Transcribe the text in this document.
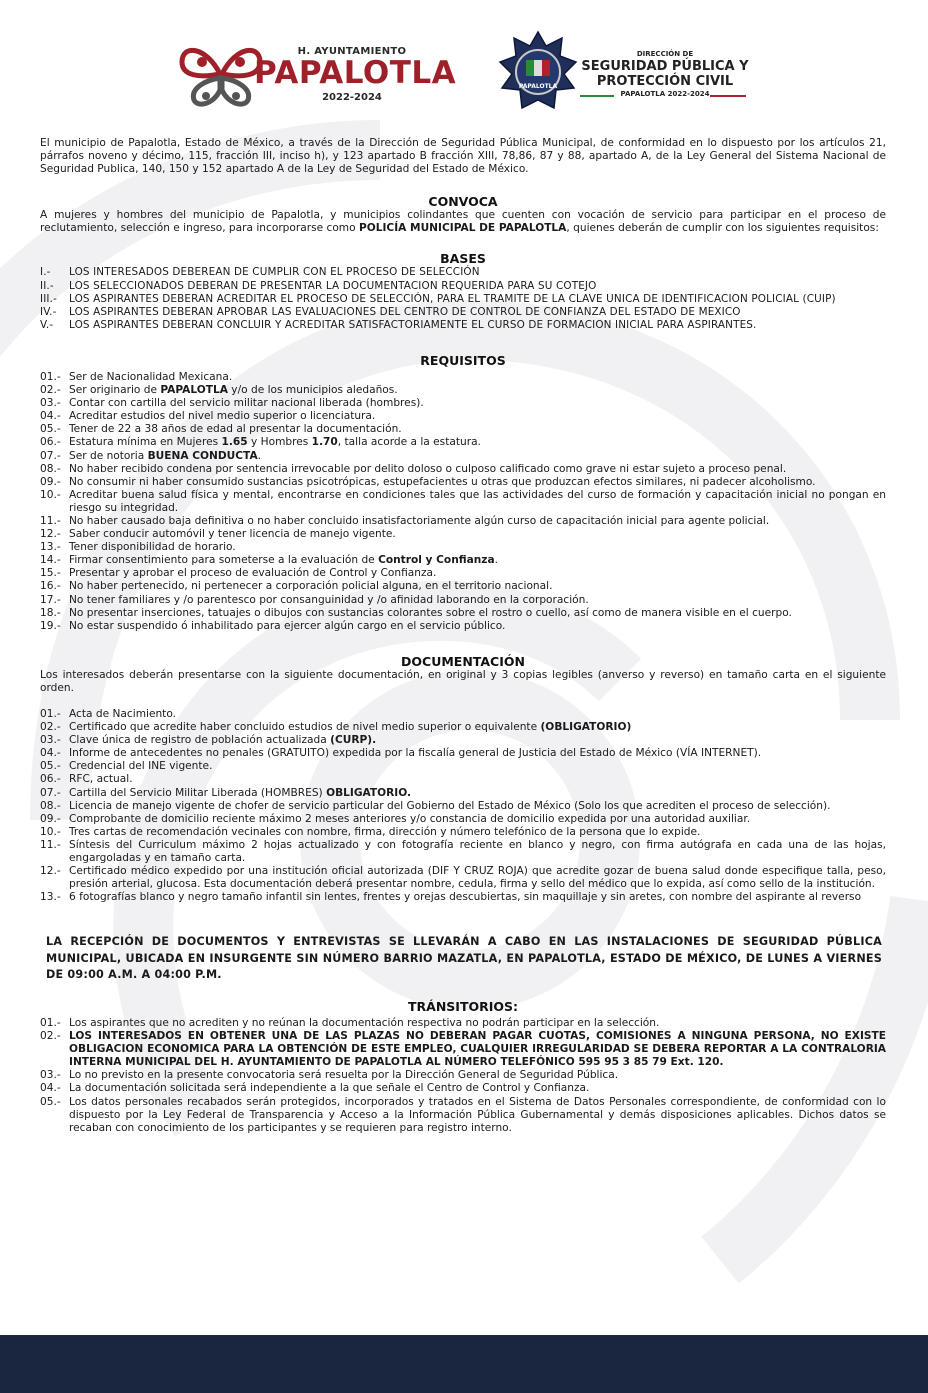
H. AYUNTAMIENTO
PAPALOTLA
2022-2024
PAPALOTLA
DIRECCIÓN DE
SEGURIDAD PÚBLICA Y
PROTECCIÓN CIVIL
PAPALOTLA 2022-2024

El municipio de Papalotla, Estado de México, a través de la Dirección de Seguridad Pública Municipal, de conformidad en lo dispuesto por los artículos 21, párrafos noveno y décimo, 115, fracción III, inciso h), y 123 apartado B fracción XIII, 78,86, 87 y 88, apartado A, de la Ley General del Sistema Nacional de Seguridad Publica, 140, 150 y 152 apartado A de la Ley de Seguridad del Estado de México.

CONVOCA

A mujeres y hombres del municipio de Papalotla, y municipios colindantes que cuenten con vocación de servicio para participar en el proceso de reclutamiento, selección e ingreso, para incorporarse como POLICÍA MUNICIPAL DE PAPALOTLA, quienes deberán de cumplir con los siguientes requisitos:

BASES
I.- LOS INTERESADOS DEBEREAN DE CUMPLIR CON EL PROCESO DE SELECCIÓN
II.- LOS SELECCIONADOS DEBERAN DE PRESENTAR LA DOCUMENTACION REQUERIDA PARA SU COTEJO
III.- LOS ASPIRANTES DEBERAN ACREDITAR EL PROCESO DE SELECCIÓN, PARA EL TRAMITE DE LA CLAVE UNICA DE IDENTIFICACION POLICIAL (CUIP)
IV.- LOS ASPIRANTES DEBERAN APROBAR LAS EVALUACIONES DEL CENTRO DE CONTROL DE CONFIANZA DEL ESTADO DE MEXICO
V.- LOS ASPIRANTES DEBERAN CONCLUIR Y ACREDITAR SATISFACTORIAMENTE EL CURSO DE FORMACION INICIAL PARA ASPIRANTES.
REQUISITOS
01.- Ser de Nacionalidad Mexicana.
02.- Ser originario de PAPALOTLA y/o de los municipios aledaños.
03.- Contar con cartilla del servicio militar nacional liberada (hombres).
04.- Acreditar estudios del nivel medio superior o licenciatura.
05.- Tener de 22 a 38 años de edad al presentar la documentación.
06.- Estatura mínima en Mujeres 1.65 y Hombres 1.70, talla acorde a la estatura.
07.- Ser de notoria BUENA CONDUCTA.
08.- No haber recibido condena por sentencia irrevocable por delito doloso o culposo calificado como grave ni estar sujeto a proceso penal.
09.- No consumir ni haber consumido sustancias psicotrópicas, estupefacientes u otras que produzcan efectos similares, ni padecer alcoholismo.
10.- Acreditar buena salud física y mental, encontrarse en condiciones tales que las actividades del curso de formación y capacitación inicial no pongan en riesgo su integridad.
11.- No haber causado baja definitiva o no haber concluido insatisfactoriamente algún curso de capacitación inicial para agente policial.
12.- Saber conducir automóvil y tener licencia de manejo vigente.
13.- Tener disponibilidad de horario.
14.- Firmar consentimiento para someterse a la evaluación de Control y Confianza.
15.- Presentar y aprobar el proceso de evaluación de Control y Confianza.
16.- No haber pertenecido, ni pertenecer a corporación policial alguna, en el territorio nacional.
17.- No tener familiares y /o parentesco por consanguinidad y /o afinidad laborando en la corporación.
18.- No presentar inserciones, tatuajes o dibujos con sustancias colorantes sobre el rostro o cuello, así como de manera visible en el cuerpo.
19.- No estar suspendido ó inhabilitado para ejercer algún cargo en el servicio público.
DOCUMENTACIÓN

Los interesados deberán presentarse con la siguiente documentación, en original y 3 copias legibles (anverso y reverso) en tamaño carta en el siguiente orden.

01.- Acta de Nacimiento.
02.- Certificado que acredite haber concluido estudios de nivel medio superior o equivalente (OBLIGATORIO)
03.- Clave única de registro de población actualizada (CURP).
04.- Informe de antecedentes no penales (GRATUITO) expedida por la fiscalía general de Justicia del Estado de México (VÍA INTERNET).
05.- Credencial del INE vigente.
06.- RFC, actual.
07.- Cartilla del Servicio Militar Liberada (HOMBRES) OBLIGATORIO.
08.- Licencia de manejo vigente de chofer de servicio particular del Gobierno del Estado de México (Solo los que acrediten el proceso de selección).
09.- Comprobante de domicilio reciente máximo 2 meses anteriores y/o constancia de domicilio expedida por una autoridad auxiliar.
10.- Tres cartas de recomendación vecinales con nombre, firma, dirección y número telefónico de la persona que lo expide.
11.- Síntesis del Curriculum máximo 2 hojas actualizado y con fotografía reciente en blanco y negro, con firma autógrafa en cada una de las hojas, engargoladas y en tamaño carta.
12.- Certificado médico expedido por una institución oficial autorizada (DIF Y CRUZ ROJA) que acredite gozar de buena salud donde especifique talla, peso, presión arterial, glucosa. Esta documentación deberá presentar nombre, cedula, firma y sello del médico que lo expida, así como sello de la institución.
13.- 6 fotografías blanco y negro tamaño infantil sin lentes, frentes y orejas descubiertas, sin maquillaje y sin aretes, con nombre del aspirante al reverso
LA RECEPCIÓN DE DOCUMENTOS Y ENTREVISTAS SE LLEVARÁN A CABO EN LAS INSTALACIONES DE SEGURIDAD PÚBLICA MUNICIPAL, UBICADA EN INSURGENTE SIN NÚMERO BARRIO MAZATLA, EN PAPALOTLA, ESTADO DE MÉXICO, DE LUNES A VIERNES DE 09:00 A.M. A 04:00 P.M.
TRÁNSITORIOS:
01.- Los aspirantes que no acrediten y no reúnan la documentación respectiva no podrán participar en la selección.
02.- LOS INTERESADOS EN OBTENER UNA DE LAS PLAZAS NO DEBERAN PAGAR CUOTAS, COMISIONES A NINGUNA PERSONA, NO EXISTE OBLIGACION ECONOMICA PARA LA OBTENCIÓN DE ESTE EMPLEO, CUALQUIER IRREGULARIDAD SE DEBERA REPORTAR A LA CONTRALORIA INTERNA MUNICIPAL DEL H. AYUNTAMIENTO DE PAPALOTLA AL NÚMERO TELEFÓNICO 595 95 3 85 79 Ext. 120.
03.- Lo no previsto en la presente convocatoria será resuelta por la Dirección General de Seguridad Pública.
04.- La documentación solicitada será independiente a la que señale el Centro de Control y Confianza.
05.- Los datos personales recabados serán protegidos, incorporados y tratados en el Sistema de Datos Personales correspondiente, de conformidad con lo dispuesto por la Ley Federal de Transparencia y Acceso a la Información Pública Gubernamental y demás disposiciones aplicables. Dichos datos se recaban con conocimiento de los participantes y se requieren para registro interno.
